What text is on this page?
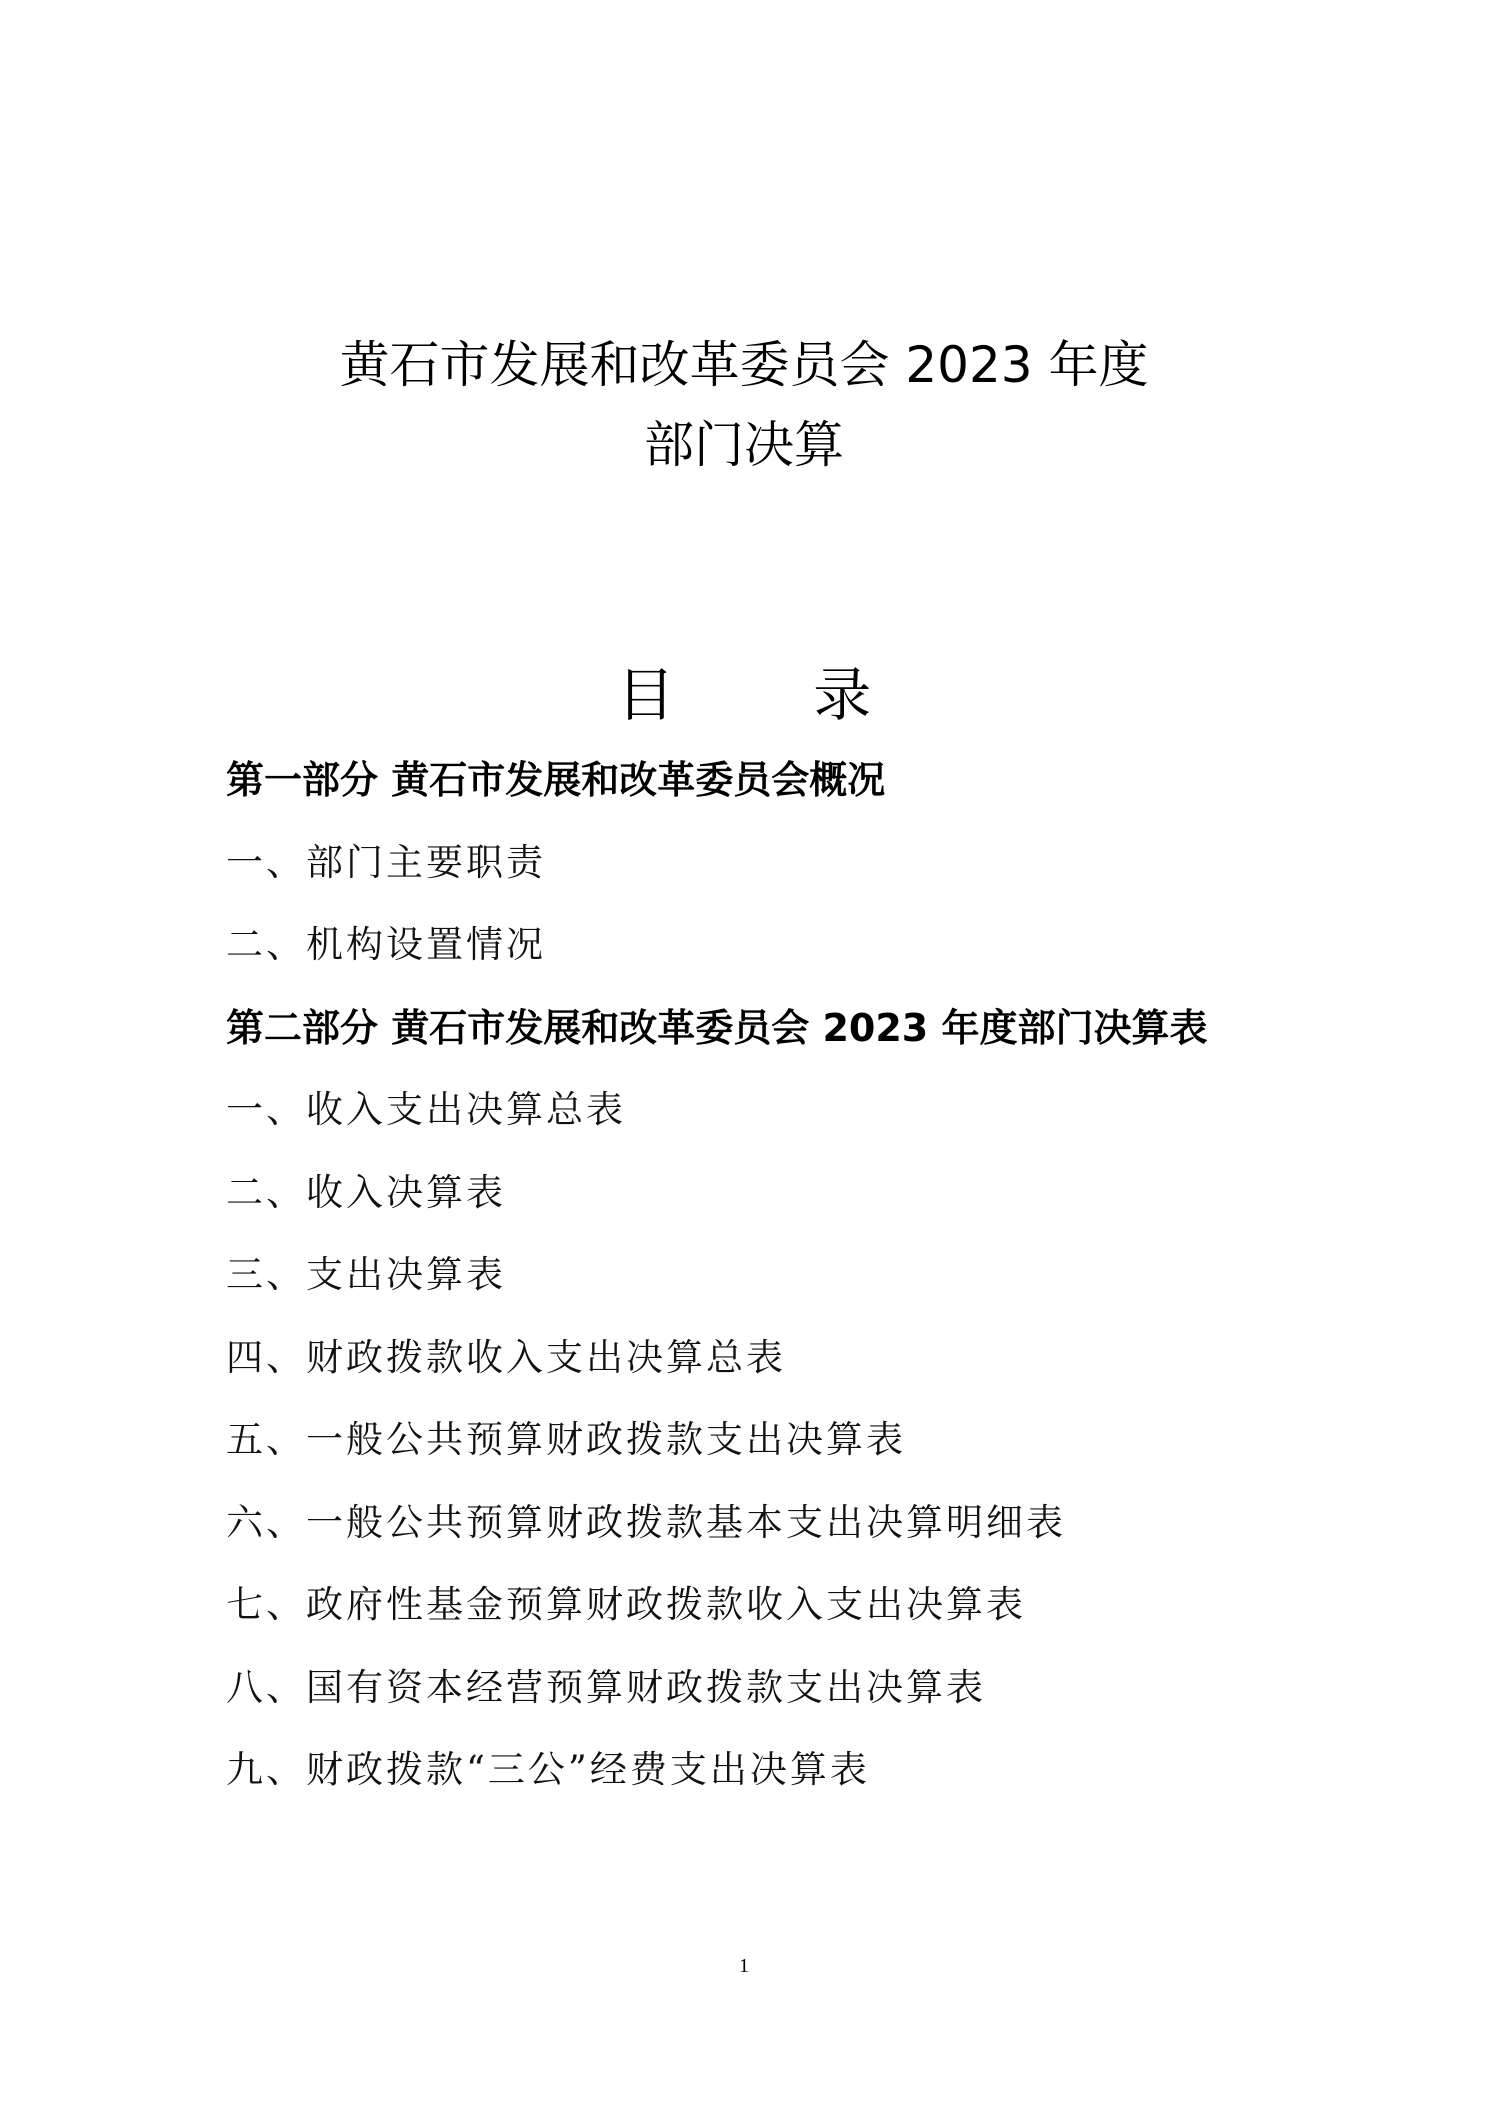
黄石市发展和改革委员会 2023 年度
部门决算
目 录
第一部分 黄石市发展和改革委员会概况
一、部门主要职责
二、机构设置情况
第二部分 黄石市发展和改革委员会 2023 年度部门决算表
一、收入支出决算总表
二、收入决算表
三、支出决算表
四、财政拨款收入支出决算总表
五、一般公共预算财政拨款支出决算表
六、一般公共预算财政拨款基本支出决算明细表
七、政府性基金预算财政拨款收入支出决算表
八、国有资本经营预算财政拨款支出决算表
九、财政拨款“三公”经费支出决算表
1
